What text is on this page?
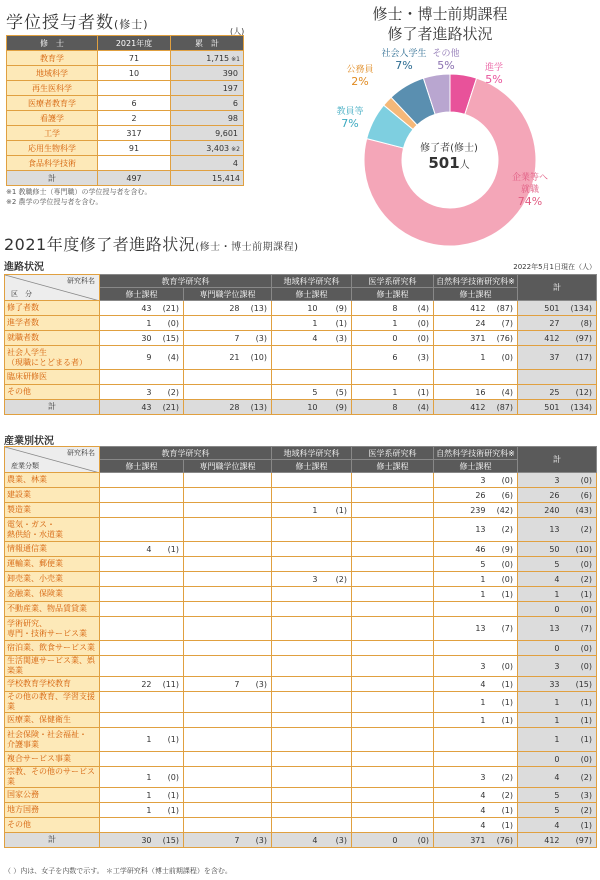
学位授与者数(修士)
(人)
修　士	2021年度	累　計
教育学	71	1,715 ※1
地域科学	10	390
再生医科学		197
医療者教育学	6	6
看護学	2	98
工学	317	9,601
応用生物科学	91	3,403 ※2
食品科学技術		4
計	497	15,414
※1 教職修士（専門職）の学位授与者を含む。
※2 農学の学位授与者を含む。
修士・博士前期課程
修了者進路状況
修了者(修士)
501人
社会人学生
7%
その他
5%	進学
5%
公務員
2%
教員等
7%
企業等へ
就職
74%
2021年度修了者進路状況(修士・博士前期課程)
進路状況	2022年5月1日現在（人）
研究科名
区　分	教育学研究科				地域科学研究科		医学系研究科		自然科学技術研究科※		計	
	修士課程		専門職学位課程		修士課程		修士課程		修士課程			
修了者数	43	(21)	28	(13)	10	(9)	8	(4)	412	(87)	501	(134)
進学者数	1	(0)			1	(1)	1	(0)	24	(7)	27	(8)
就職者数	30	(15)	7	(3)	4	(3)	0	(0)	371	(76)	412	(97)

社会人学生
（現職にとどまる者）	9	(4)	21	(10)			6	(3)	1	(0)	37	(17)
臨床研修医												
その他	3	(2)			5	(5)	1	(1)	16	(4)	25	(12)
計	43	(21)	28	(13)	10	(9)	8	(4)	412	(87)	501	(134)
産業別状況
研究科名
産業分類	教育学研究科				地域科学研究科		医学系研究科		自然科学技術研究科※		計	
	修士課程		専門職学位課程		修士課程		修士課程		修士課程			
農業、林業									3	(0)	3	(0)
建設業									26	(6)	26	(6)
製造業					1	(1)			239	(42)	240	(43)

電気・ガス・
熱供給・水道業									13	(2)	13	(2)
情報通信業	4	(1)							46	(9)	50	(10)
運輸業、郵便業									5	(0)	5	(0)
卸売業、小売業					3	(2)			1	(0)	4	(2)
金融業、保険業									1	(1)	1	(1)
不動産業、物品賃貸業											0	(0)

学術研究、
専門・技術サービス業									13	(7)	13	(7)
宿泊業、飲食サービス業											0	(0)
生活関連サービス業、娯楽業									3	(0)	3	(0)
学校教育学校教育	22	(11)	7	(3)					4	(1)	33	(15)
その他の教育、学習支援業									1	(1)	1	(1)
医療業、保健衛生									1	(1)	1	(1)

社会保険・社会福祉・
介護事業	1	(1)									1	(1)
複合サービス事業											0	(0)
宗教、その他のサービス業	1	(0)							3	(2)	4	(2)
国家公務	1	(1)							4	(2)	5	(3)
地方国務	1	(1)							4	(1)	5	(2)
その他									4	(1)	4	(1)
計	30	(15)	7	(3)	4	(3)	0	(0)	371	(76)	412	(97)
（ ）内は、女子を内数で示す。 ＊工学研究科（博士前期課程）を含む。
